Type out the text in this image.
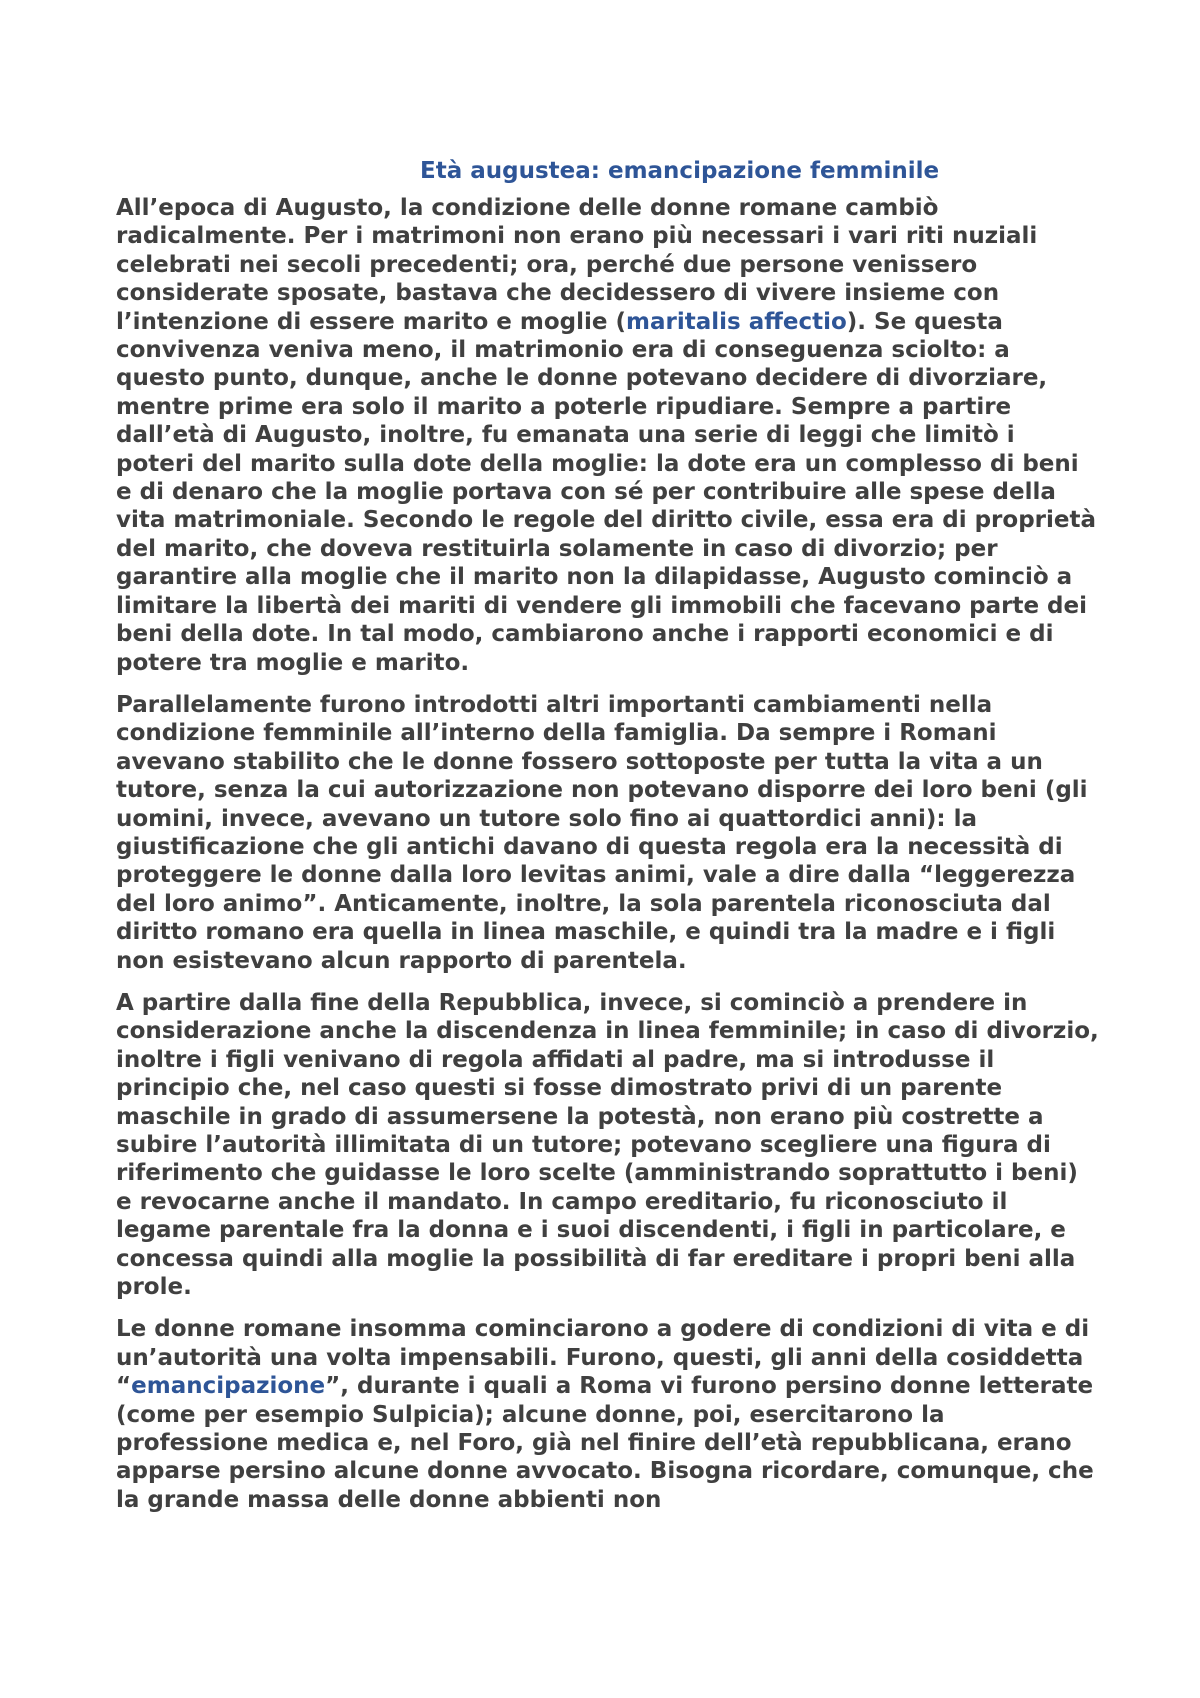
Età augustea: emancipazione femminile

All’epoca di Augusto, la condizione delle donne romane cambiò radicalmente. Per i matrimoni non erano più necessari i vari riti nuziali celebrati nei secoli precedenti; ora, perché due persone venissero considerate sposate, bastava che decidessero di vivere insieme con l’intenzione di essere marito e moglie (maritalis affectio). Se questa convivenza veniva meno, il matrimonio era di conseguenza sciolto: a questo punto, dunque, anche le donne potevano decidere di divorziare, mentre prime era solo il marito a poterle ripudiare. Sempre a partire dall’età di Augusto, inoltre, fu emanata una serie di leggi che limitò i poteri del marito sulla dote della moglie: la dote era un complesso di beni e di denaro che la moglie portava con sé per contribuire alle spese della vita matrimoniale. Secondo le regole del diritto civile, essa era di proprietà del marito, che doveva restituirla solamente in caso di divorzio; per garantire alla moglie che il marito non la dilapidasse, Augusto cominciò a limitare la libertà dei mariti di vendere gli immobili che facevano parte dei beni della dote. In tal modo, cambiarono anche i rapporti economici e di potere tra moglie e marito.

Parallelamente furono introdotti altri importanti cambiamenti nella condizione femminile all’interno della famiglia. Da sempre i Romani avevano stabilito che le donne fossero sottoposte per tutta la vita a un tutore, senza la cui autorizzazione non potevano disporre dei loro beni (gli uomini, invece, avevano un tutore solo fino ai quattordici anni): la giustificazione che gli antichi davano di questa regola era la necessità di proteggere le donne dalla loro levitas animi, vale a dire dalla “leggerezza del loro animo”. Anticamente, inoltre, la sola parentela riconosciuta dal diritto romano era quella in linea maschile, e quindi tra la madre e i figli non esistevano alcun rapporto di parentela.

A partire dalla fine della Repubblica, invece, si cominciò a prendere in considerazione anche la discendenza in linea femminile; in caso di divorzio, inoltre i figli venivano di regola affidati al padre, ma si introdusse il principio che, nel caso questi si fosse dimostrato privi di un parente maschile in grado di assumersene la potestà, non erano più costrette a subire l’autorità illimitata di un tutore; potevano scegliere una figura di riferimento che guidasse le loro scelte (amministrando soprattutto i beni) e revocarne anche il mandato. In campo ereditario, fu riconosciuto il legame parentale fra la donna e i suoi discendenti, i figli in particolare, e concessa quindi alla moglie la possibilità di far ereditare i propri beni alla prole.

Le donne romane insomma cominciarono a godere di condizioni di vita e di un’autorità una volta impensabili. Furono, questi, gli anni della cosiddetta “emancipazione”, durante i quali a Roma vi furono persino donne letterate (come per esempio Sulpicia); alcune donne, poi, esercitarono la professione medica e, nel Foro, già nel finire dell’età repubblicana, erano apparse persino alcune donne avvocato. Bisogna ricordare, comunque, che la grande massa delle donne abbienti non
